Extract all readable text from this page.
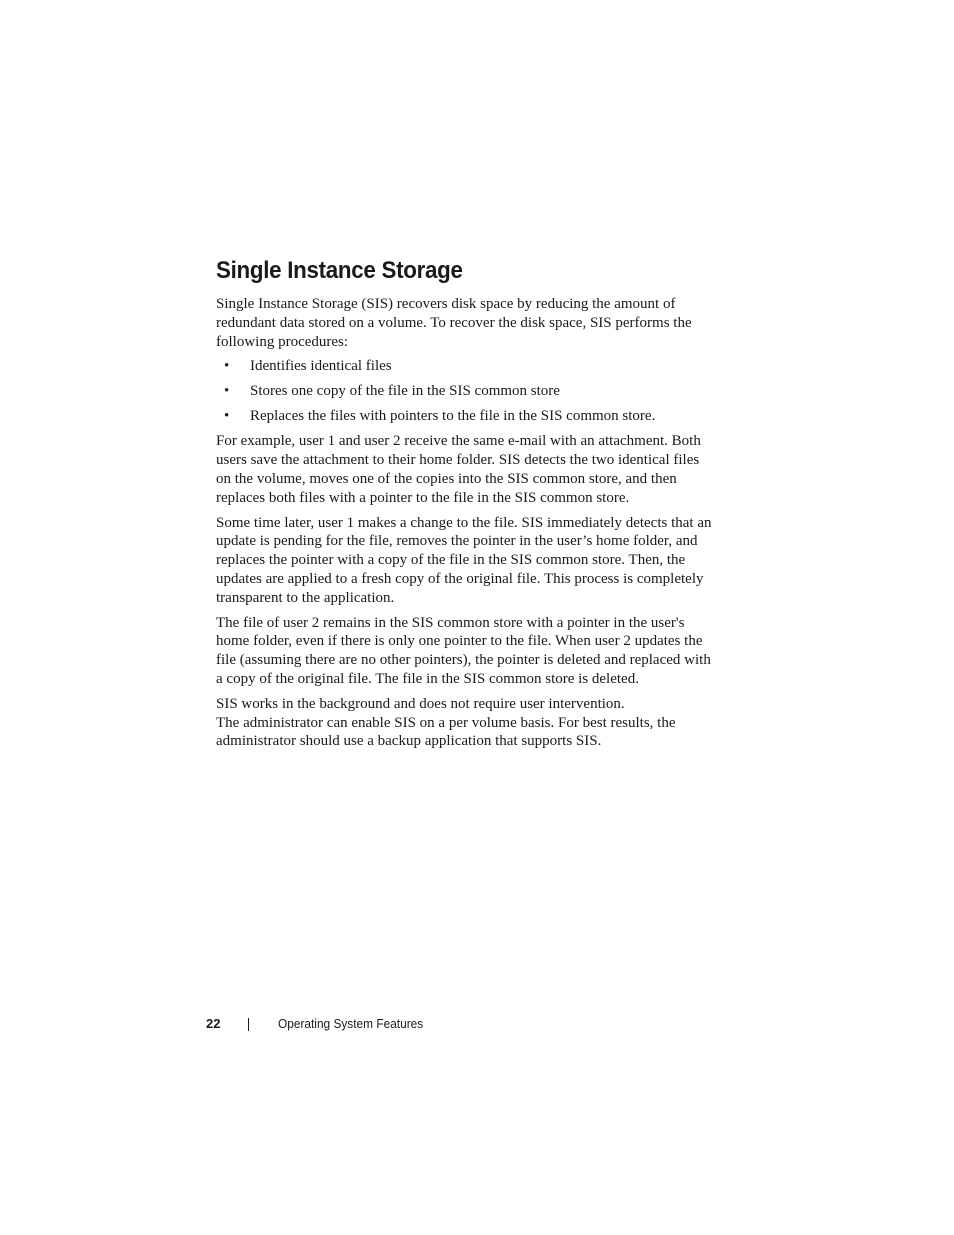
Single Instance Storage

Single Instance Storage (SIS) recovers disk space by reducing the amount of redundant data stored on a volume. To recover the disk space, SIS performs the following procedures:

• Identifies identical files
• Stores one copy of the file in the SIS common store
• Replaces the files with pointers to the file in the SIS common store.

For example, user 1 and user 2 receive the same e-mail with an attachment. Both users save the attachment to their home folder. SIS detects the two identical files on the volume, moves one of the copies into the SIS common store, and then replaces both files with a pointer to the file in the SIS common store.

Some time later, user 1 makes a change to the file. SIS immediately detects that an update is pending for the file, removes the pointer in the user’s home folder, and replaces the pointer with a copy of the file in the SIS common store. Then, the updates are applied to a fresh copy of the original file. This process is completely transparent to the application.

The file of user 2 remains in the SIS common store with a pointer in the user's home folder, even if there is only one pointer to the file. When user 2 updates the file (assuming there are no other pointers), the pointer is deleted and replaced with a copy of the original file. The file in the SIS common store is deleted.

SIS works in the background and does not require user intervention.
The administrator can enable SIS on a per volume basis. For best results, the administrator should use a backup application that supports SIS.

22	Operating System Features
